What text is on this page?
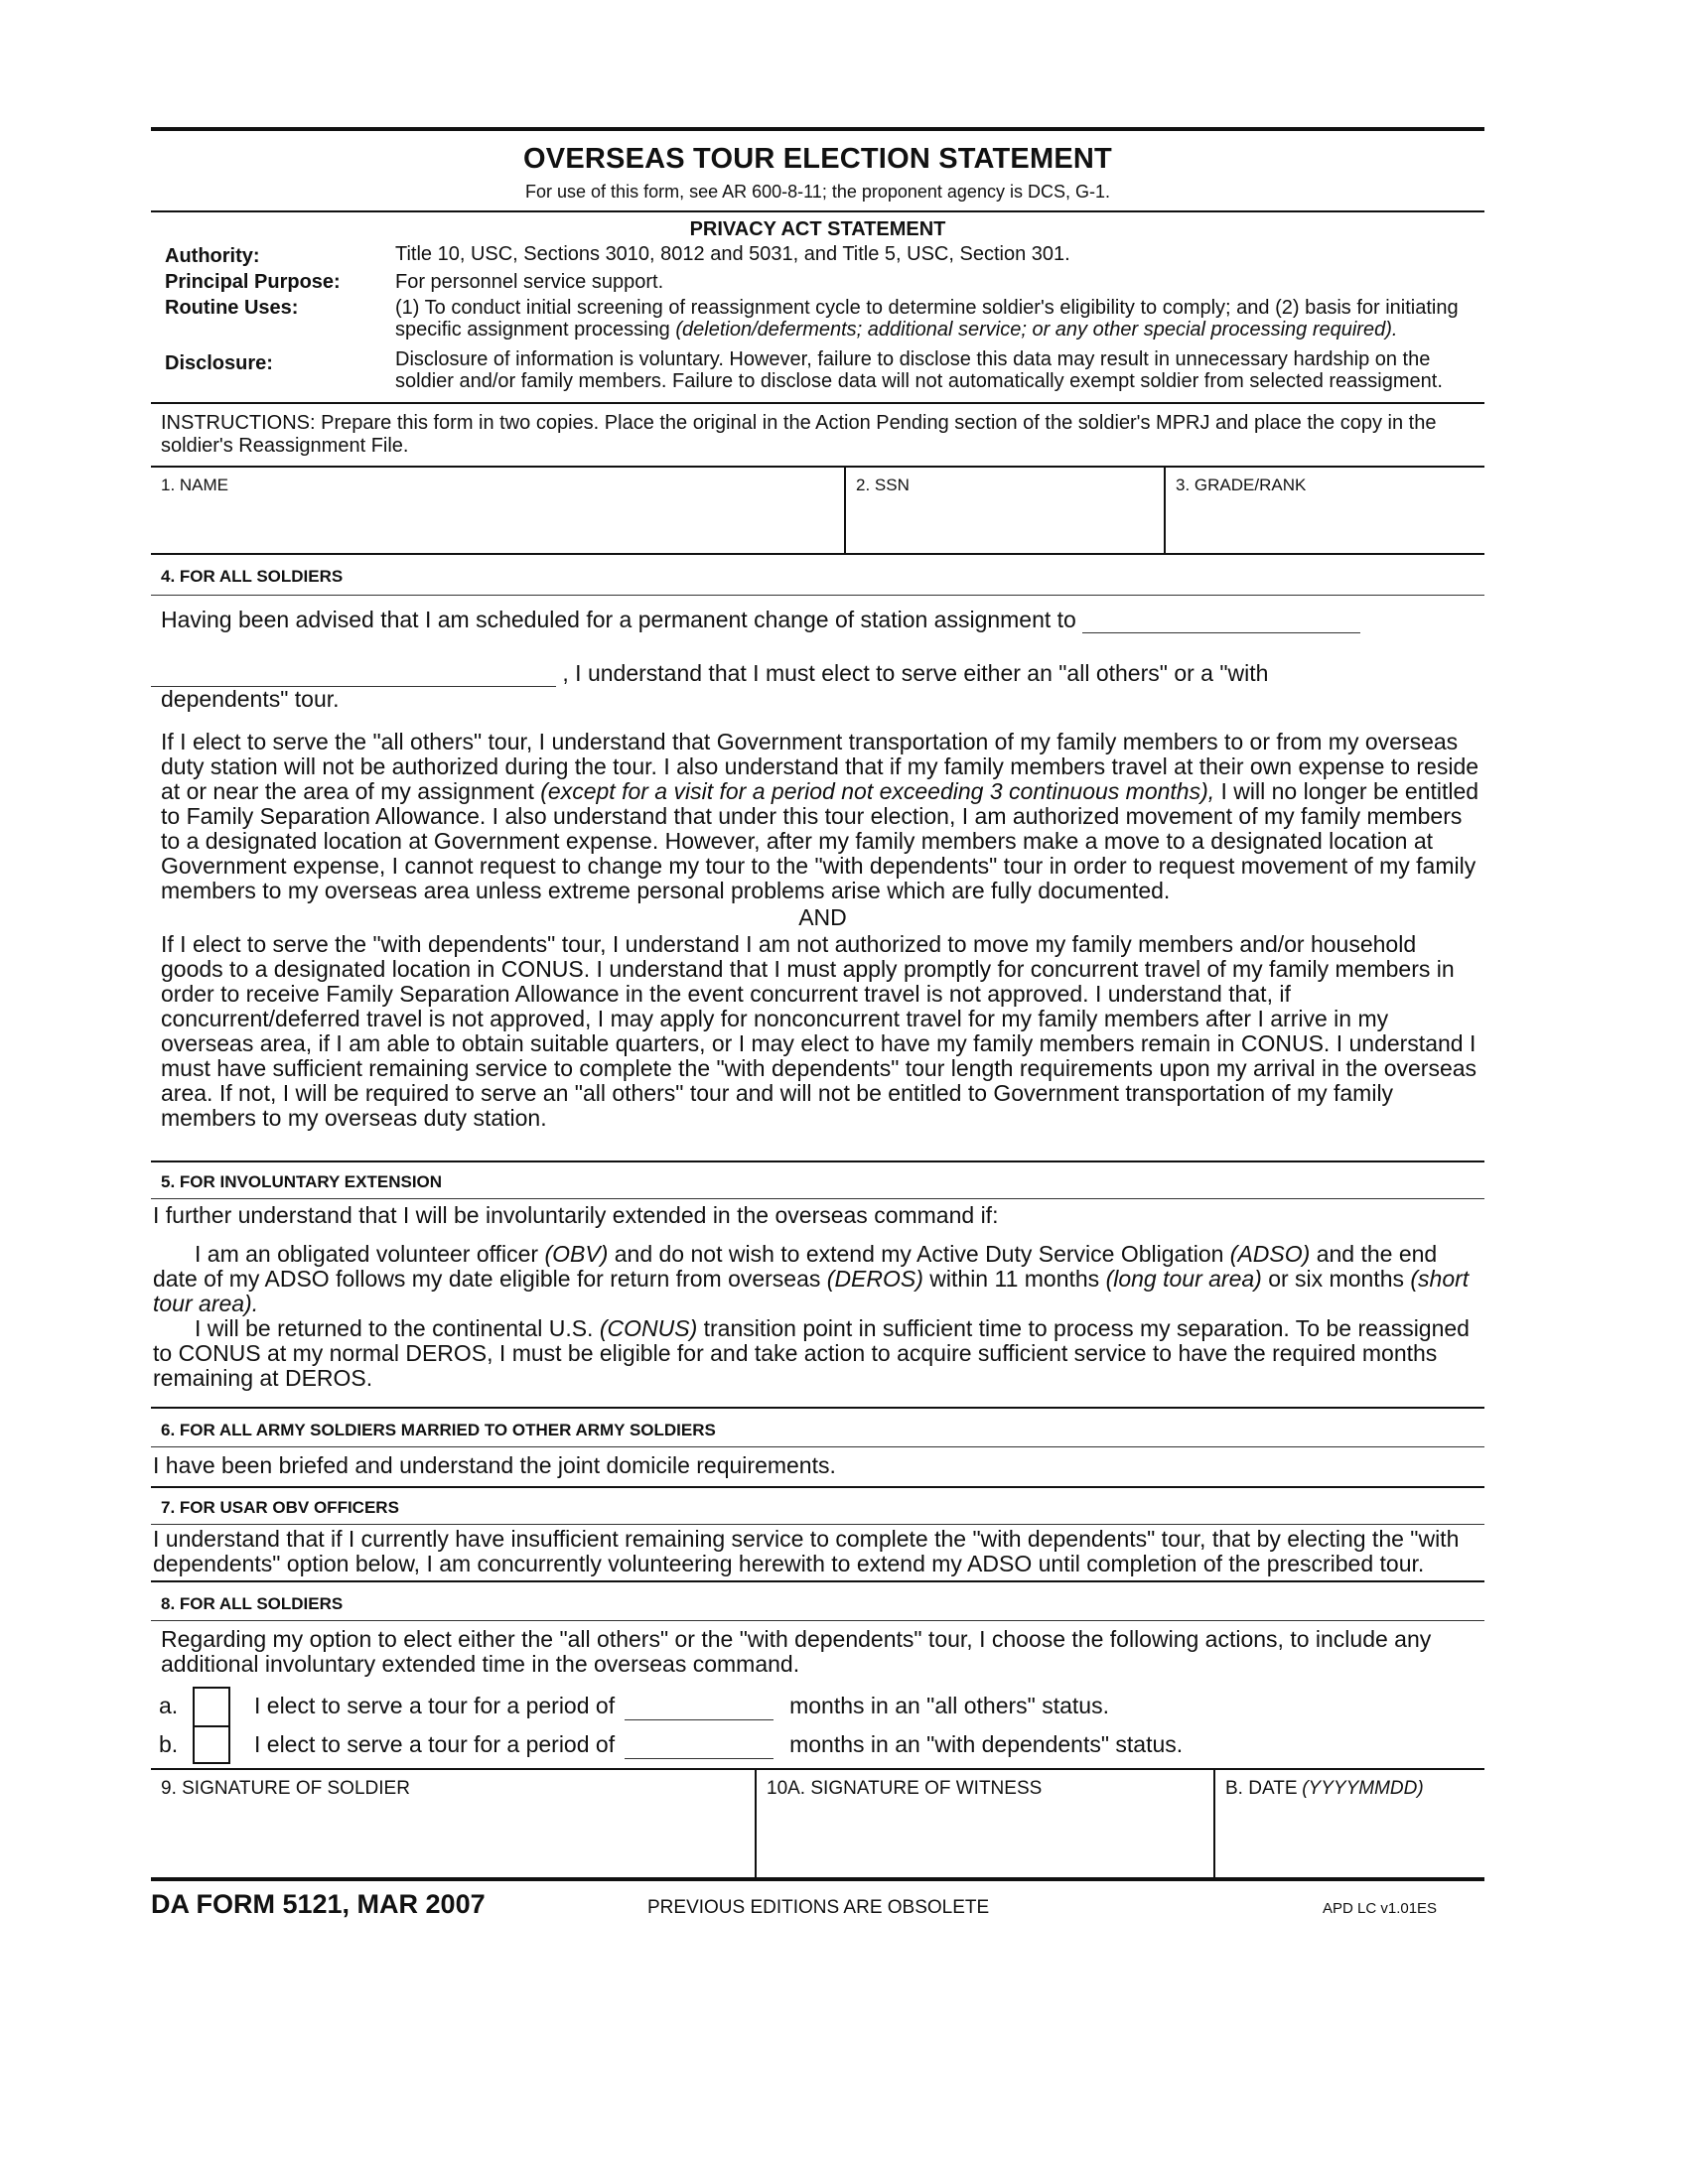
OVERSEAS TOUR ELECTION STATEMENT
For use of this form, see AR 600-8-11; the proponent agency is DCS, G-1.
PRIVACY ACT STATEMENT
Authority:	Title 10, USC, Sections 3010, 8012 and 5031, and Title 5, USC, Section 301.
Principal Purpose:	For personnel service support.
Routine Uses:	(1) To conduct initial screening of reassignment cycle to determine soldier's eligibility to comply; and (2) basis for initiating specific assignment processing (deletion/deferments; additional service; or any other special processing required).
Disclosure:	Disclosure of information is voluntary. However, failure to disclose this data may result in unnecessary hardship on the soldier and/or family members. Failure to disclose data will not automatically exempt soldier from selected reassigment.
INSTRUCTIONS: Prepare this form in two copies. Place the original in the Action Pending section of the soldier's MPRJ and place the copy in the soldier's Reassignment File.
1. NAME	2. SSN	3. GRADE/RANK
4. FOR ALL SOLDIERS
Having been advised that I am scheduled for a permanent change of station assignment to
, I understand that I must elect to serve either an "all others" or a "with
dependents" tour.
If I elect to serve the "all others" tour, I understand that Government transportation of my family members to or from my overseas duty station will not be authorized during the tour. I also understand that if my family members travel at their own expense to reside at or near the area of my assignment (except for a visit for a period not exceeding 3 continuous months), I will no longer be entitled to Family Separation Allowance. I also understand that under this tour election, I am authorized movement of my family members to a designated location at Government expense. However, after my family members make a move to a designated location at Government expense, I cannot request to change my tour to the "with dependents" tour in order to request movement of my family members to my overseas area unless extreme personal problems arise which are fully documented.
AND
If I elect to serve the "with dependents" tour, I understand I am not authorized to move my family members and/or household goods to a designated location in CONUS. I understand that I must apply promptly for concurrent travel of my family members in order to receive Family Separation Allowance in the event concurrent travel is not approved. I understand that, if concurrent/deferred travel is not approved, I may apply for nonconcurrent travel for my family members after I arrive in my overseas area, if I am able to obtain suitable quarters, or I may elect to have my family members remain in CONUS. I understand I must have sufficient remaining service to complete the "with dependents" tour length requirements upon my arrival in the overseas area. If not, I will be required to serve an "all others" tour and will not be entitled to Government transportation of my family members to my overseas duty station.
5. FOR INVOLUNTARY EXTENSION
I further understand that I will be involuntarily extended in the overseas command if:
I am an obligated volunteer officer (OBV) and do not wish to extend my Active Duty Service Obligation (ADSO) and the end date of my ADSO follows my date eligible for return from overseas (DEROS) within 11 months (long tour area) or six months (short tour area).
I will be returned to the continental U.S. (CONUS) transition point in sufficient time to process my separation. To be reassigned to CONUS at my normal DEROS, I must be eligible for and take action to acquire sufficient service to have the required months remaining at DEROS.
6. FOR ALL ARMY SOLDIERS MARRIED TO OTHER ARMY SOLDIERS
I have been briefed and understand the joint domicile requirements.
7. FOR USAR OBV OFFICERS
I understand that if I currently have insufficient remaining service to complete the "with dependents" tour, that by electing the "with dependents" option below, I am concurrently volunteering herewith to extend my ADSO until completion of the prescribed tour.
8. FOR ALL SOLDIERS
Regarding my option to elect either the "all others" or the "with dependents" tour, I choose the following actions, to include any additional involuntary extended time in the overseas command.
a.	I elect to serve a tour for a period of
	months in an "all others" status.
b.	I elect to serve a tour for a period of
	months in an "with dependents" status.
9. SIGNATURE OF SOLDIER	10A. SIGNATURE OF WITNESS	B. DATE (YYYYMMDD)
DA FORM 5121, MAR 2007	PREVIOUS EDITIONS ARE OBSOLETE	APD LC v1.01ES
